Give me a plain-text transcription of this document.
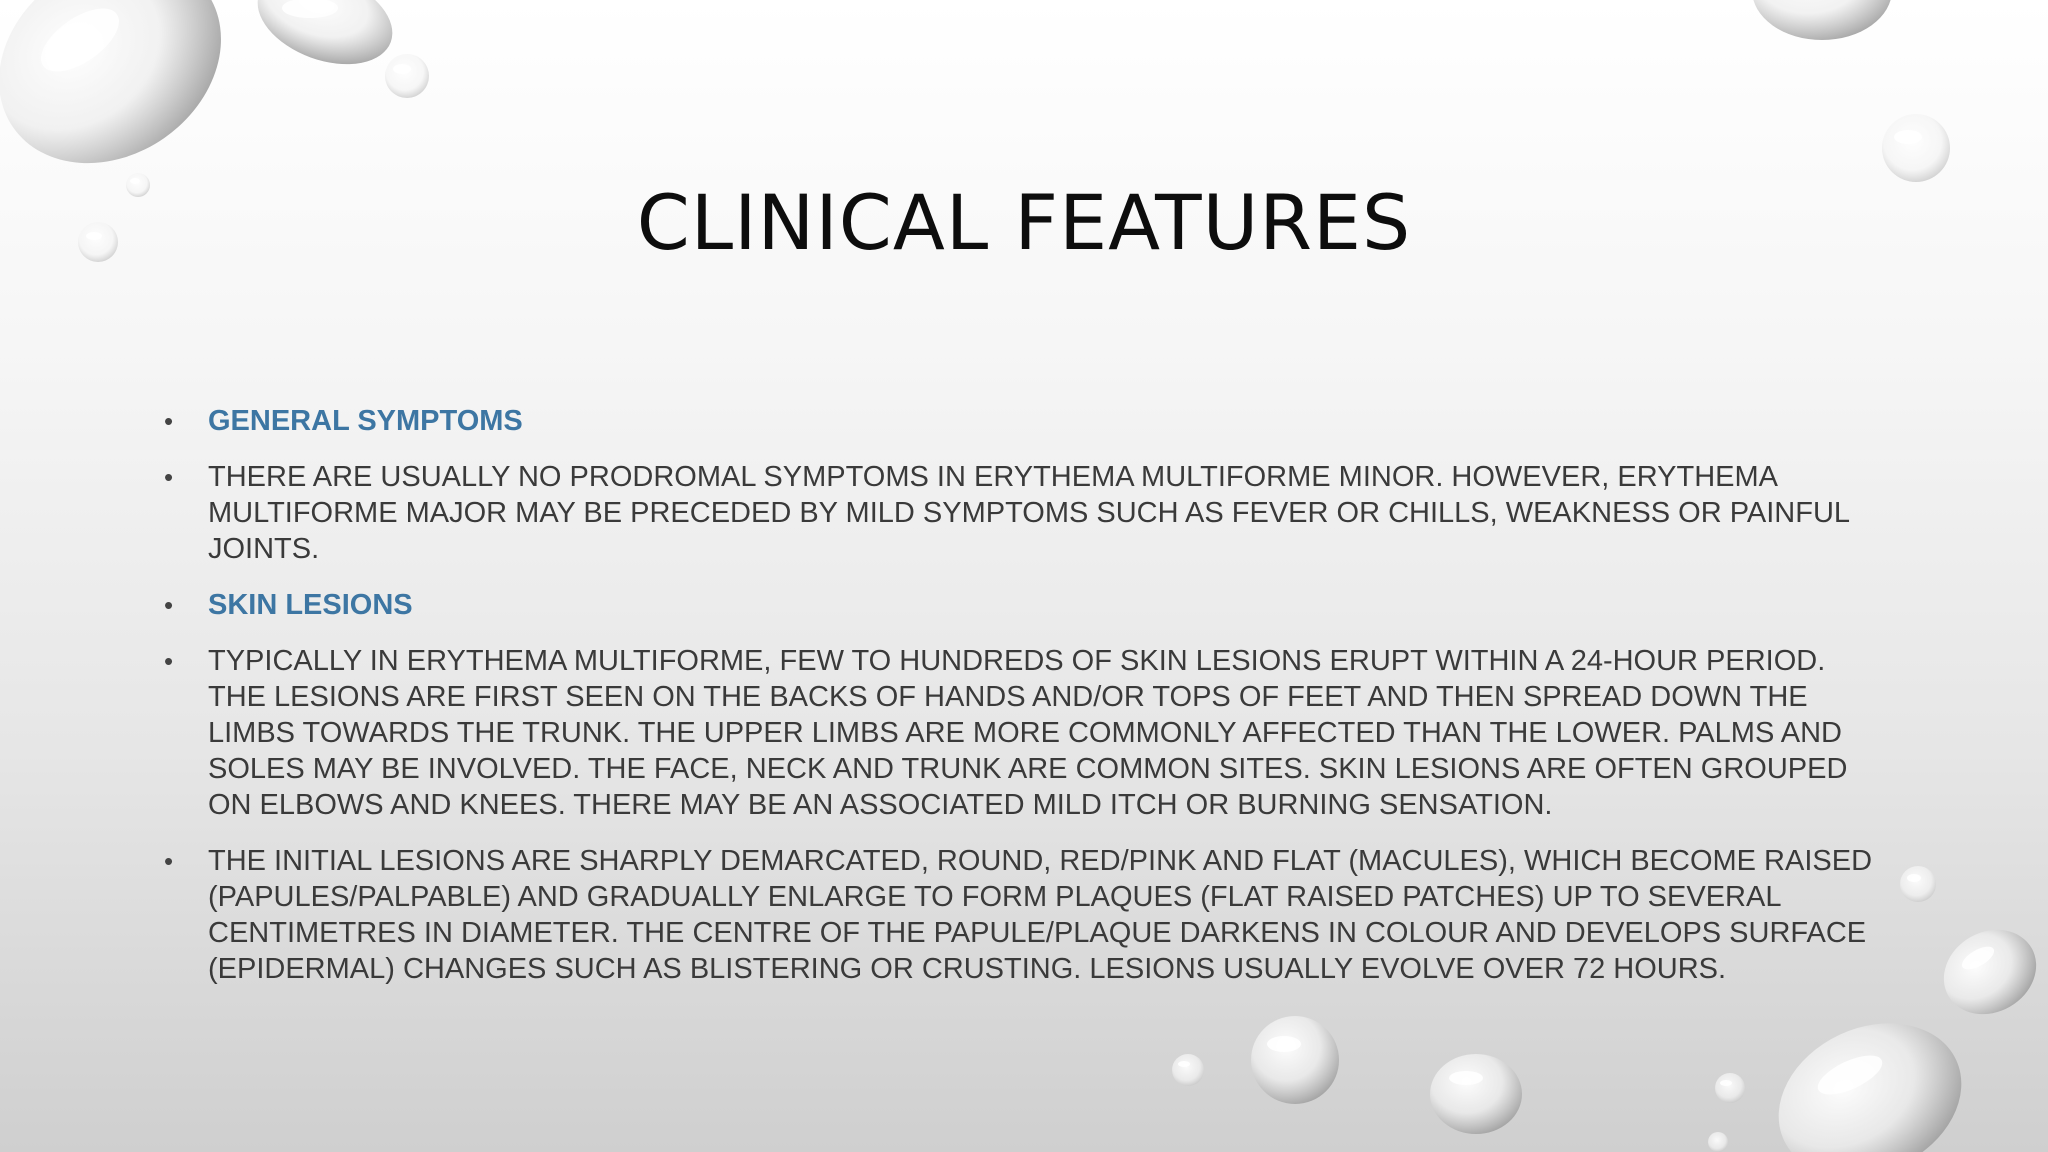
CLINICAL FEATURES
• GENERAL SYMPTOMS
• THERE ARE USUALLY NO PRODROMAL SYMPTOMS IN ERYTHEMA MULTIFORME MINOR. HOWEVER, ERYTHEMA MULTIFORME MAJOR MAY BE PRECEDED BY MILD SYMPTOMS SUCH AS FEVER OR CHILLS, WEAKNESS OR PAINFUL JOINTS.
• SKIN LESIONS
• TYPICALLY IN ERYTHEMA MULTIFORME, FEW TO HUNDREDS OF SKIN LESIONS ERUPT WITHIN A 24-HOUR PERIOD. THE LESIONS ARE FIRST SEEN ON THE BACKS OF HANDS AND/OR TOPS OF FEET AND THEN SPREAD DOWN THE LIMBS TOWARDS THE TRUNK. THE UPPER LIMBS ARE MORE COMMONLY AFFECTED THAN THE LOWER. PALMS AND SOLES MAY BE INVOLVED. THE FACE, NECK AND TRUNK ARE COMMON SITES. SKIN LESIONS ARE OFTEN GROUPED ON ELBOWS AND KNEES. THERE MAY BE AN ASSOCIATED MILD ITCH OR BURNING SENSATION.
• THE INITIAL LESIONS ARE SHARPLY DEMARCATED, ROUND, RED/PINK AND FLAT (MACULES), WHICH BECOME RAISED (PAPULES/PALPABLE) AND GRADUALLY ENLARGE TO FORM PLAQUES (FLAT RAISED PATCHES) UP TO SEVERAL CENTIMETRES IN DIAMETER. THE CENTRE OF THE PAPULE/PLAQUE DARKENS IN COLOUR AND DEVELOPS SURFACE (EPIDERMAL) CHANGES SUCH AS BLISTERING OR CRUSTING. LESIONS USUALLY EVOLVE OVER 72 HOURS.
